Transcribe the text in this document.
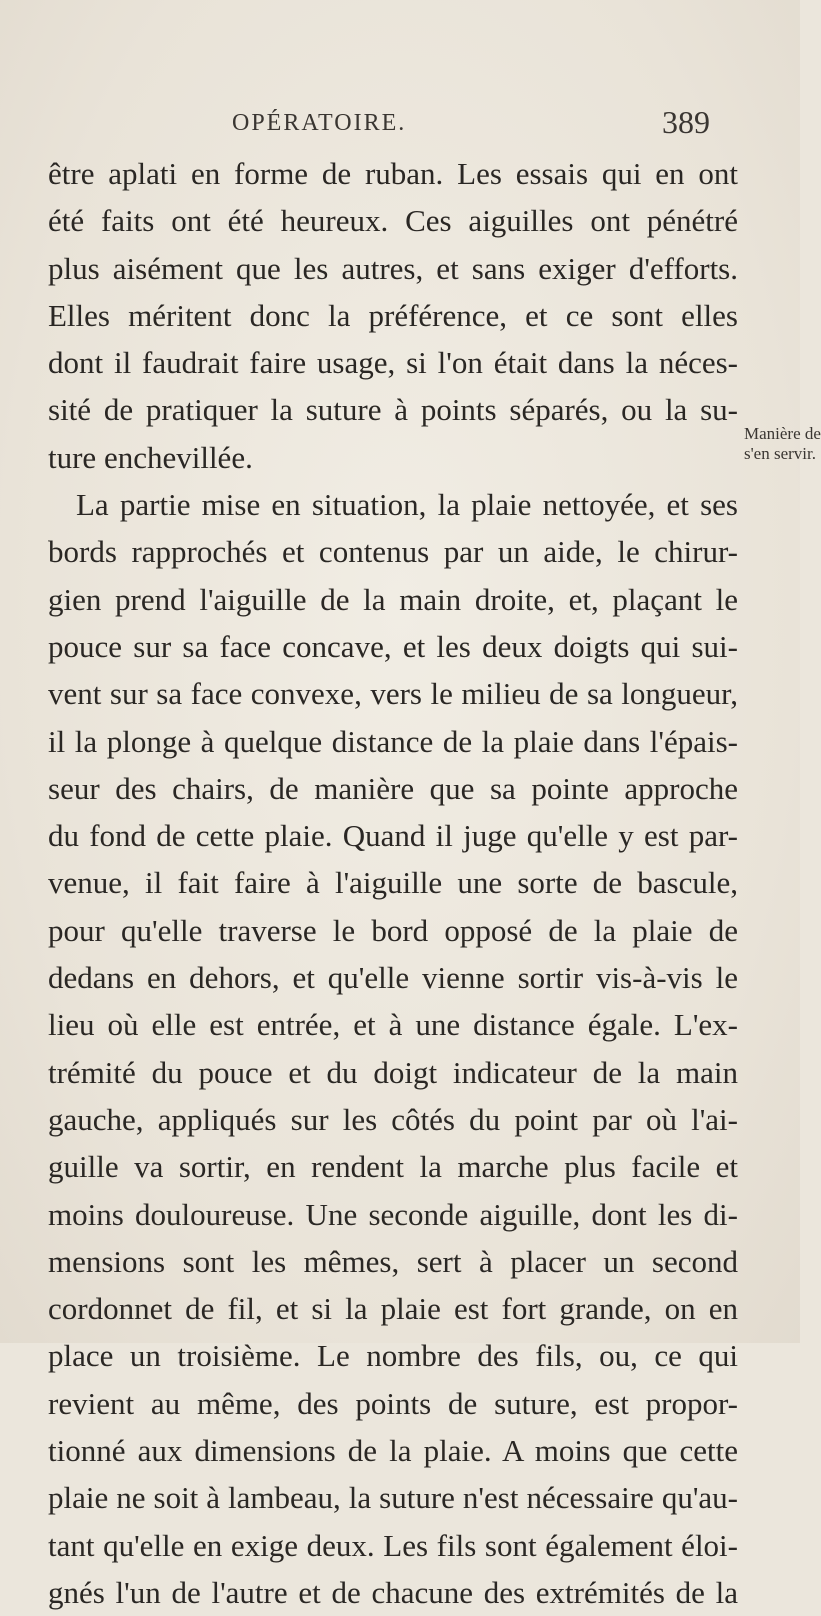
OPÉRATOIRE.	389
être aplati en forme de ruban. Les essais qui en ont
été faits ont été heureux. Ces aiguilles ont pénétré
plus aisément que les autres, et sans exiger d'efforts.
Elles méritent donc la préférence, et ce sont elles
dont il faudrait faire usage, si l'on était dans la néces-
sité de pratiquer la suture à points séparés, ou la su-
ture enchevillée.
La partie mise en situation, la plaie nettoyée, et ses
bords rapprochés et contenus par un aide, le chirur-
gien prend l'aiguille de la main droite, et, plaçant le
pouce sur sa face concave, et les deux doigts qui sui-
vent sur sa face convexe, vers le milieu de sa longueur,
il la plonge à quelque distance de la plaie dans l'épais-
seur des chairs, de manière que sa pointe approche
du fond de cette plaie. Quand il juge qu'elle y est par-
venue, il fait faire à l'aiguille une sorte de bascule,
pour qu'elle traverse le bord opposé de la plaie de
dedans en dehors, et qu'elle vienne sortir vis-à-vis le
lieu où elle est entrée, et à une distance égale. L'ex-
trémité du pouce et du doigt indicateur de la main
gauche, appliqués sur les côtés du point par où l'ai-
guille va sortir, en rendent la marche plus facile et
moins douloureuse. Une seconde aiguille, dont les di-
mensions sont les mêmes, sert à placer un second
cordonnet de fil, et si la plaie est fort grande, on en
place un troisième. Le nombre des fils, ou, ce qui
revient au même, des points de suture, est propor-
tionné aux dimensions de la plaie. A moins que cette
plaie ne soit à lambeau, la suture n'est nécessaire qu'au-
tant qu'elle en exige deux. Les fils sont également éloi-
gnés l'un de l'autre et de chacune des extrémités de la
Manière de
s'en servir.
